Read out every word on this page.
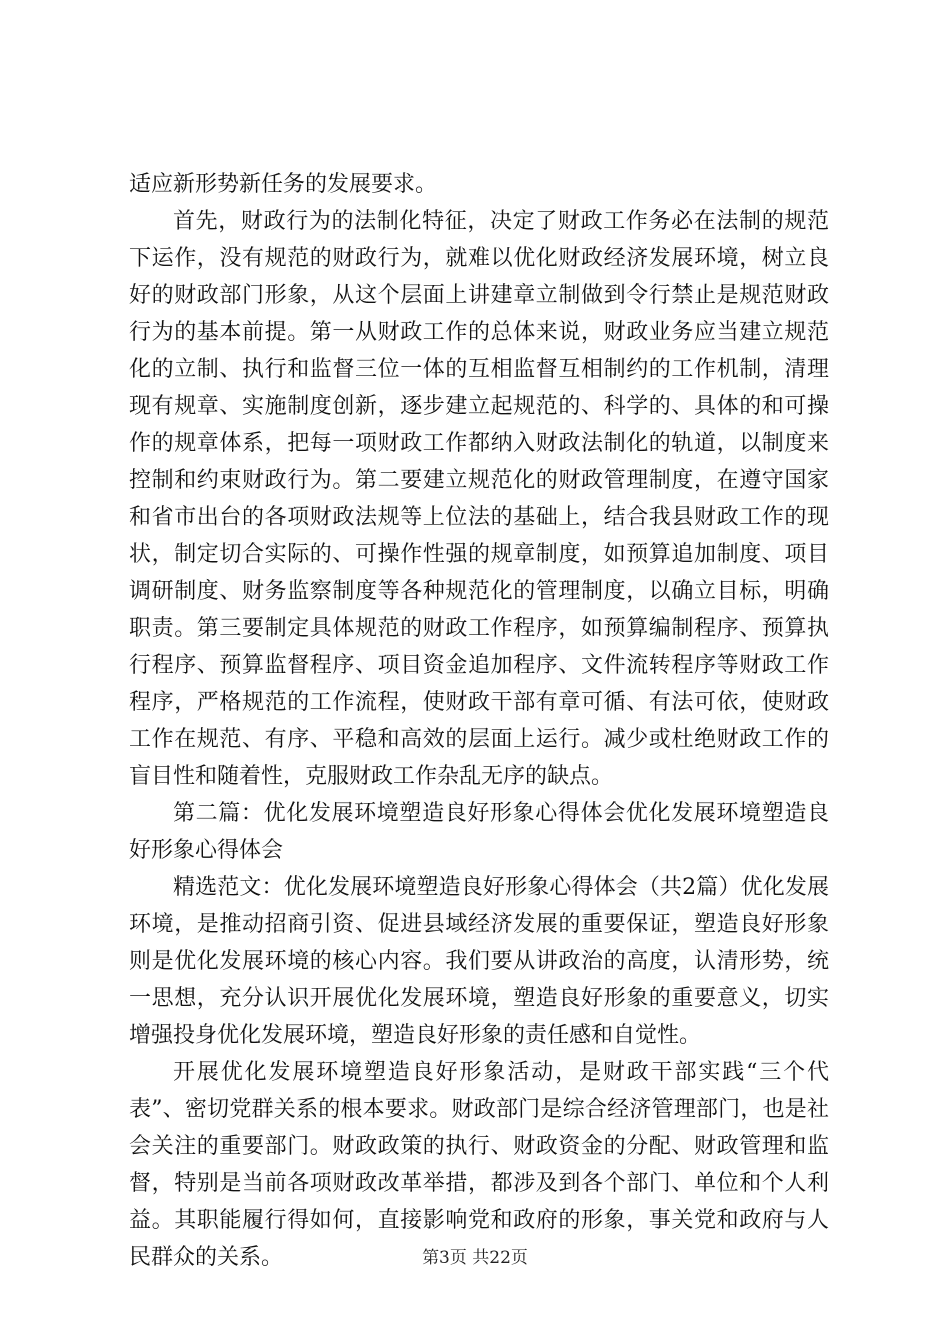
适应新形势新任务的发展要求。

首先，财政行为的法制化特征，决定了财政工作务必在法制的规范下运作，没有规范的财政行为，就难以优化财政经济发展环境，树立良好的财政部门形象，从这个层面上讲建章立制做到令行禁止是规范财政行为的基本前提。第一从财政工作的总体来说，财政业务应当建立规范化的立制、执行和监督三位一体的互相监督互相制约的工作机制，清理现有规章、实施制度创新，逐步建立起规范的、科学的、具体的和可操作的规章体系，把每一项财政工作都纳入财政法制化的轨道，以制度来控制和约束财政行为。第二要建立规范化的财政管理制度，在遵守国家和省市出台的各项财政法规等上位法的基础上，结合我县财政工作的现状，制定切合实际的、可操作性强的规章制度，如预算追加制度、项目调研制度、财务监察制度等各种规范化的管理制度，以确立目标，明确职责。第三要制定具体规范的财政工作程序，如预算编制程序、预算执行程序、预算监督程序、项目资金追加程序、文件流转程序等财政工作程序，严格规范的工作流程，使财政干部有章可循、有法可依，使财政工作在规范、有序、平稳和高效的层面上运行。减少或杜绝财政工作的盲目性和随着性，克服财政工作杂乱无序的缺点。

第二篇：优化发展环境塑造良好形象心得体会优化发展环境塑造良好形象心得体会

精选范文：优化发展环境塑造良好形象心得体会（共2篇）优化发展环境，是推动招商引资、促进县域经济发展的重要保证，塑造良好形象则是优化发展环境的核心内容。我们要从讲政治的高度，认清形势，统一思想，充分认识开展优化发展环境，塑造良好形象的重要意义，切实增强投身优化发展环境，塑造良好形象的责任感和自觉性。

开展优化发展环境塑造良好形象活动，是财政干部实践“三个代表”、密切党群关系的根本要求。财政部门是综合经济管理部门，也是社会关注的重要部门。财政政策的执行、财政资金的分配、财政管理和监督，特别是当前各项财政改革举措，都涉及到各个部门、单位和个人利益。其职能履行得如何，直接影响党和政府的形象，事关党和政府与人民群众的关系。	第3页 共22页
